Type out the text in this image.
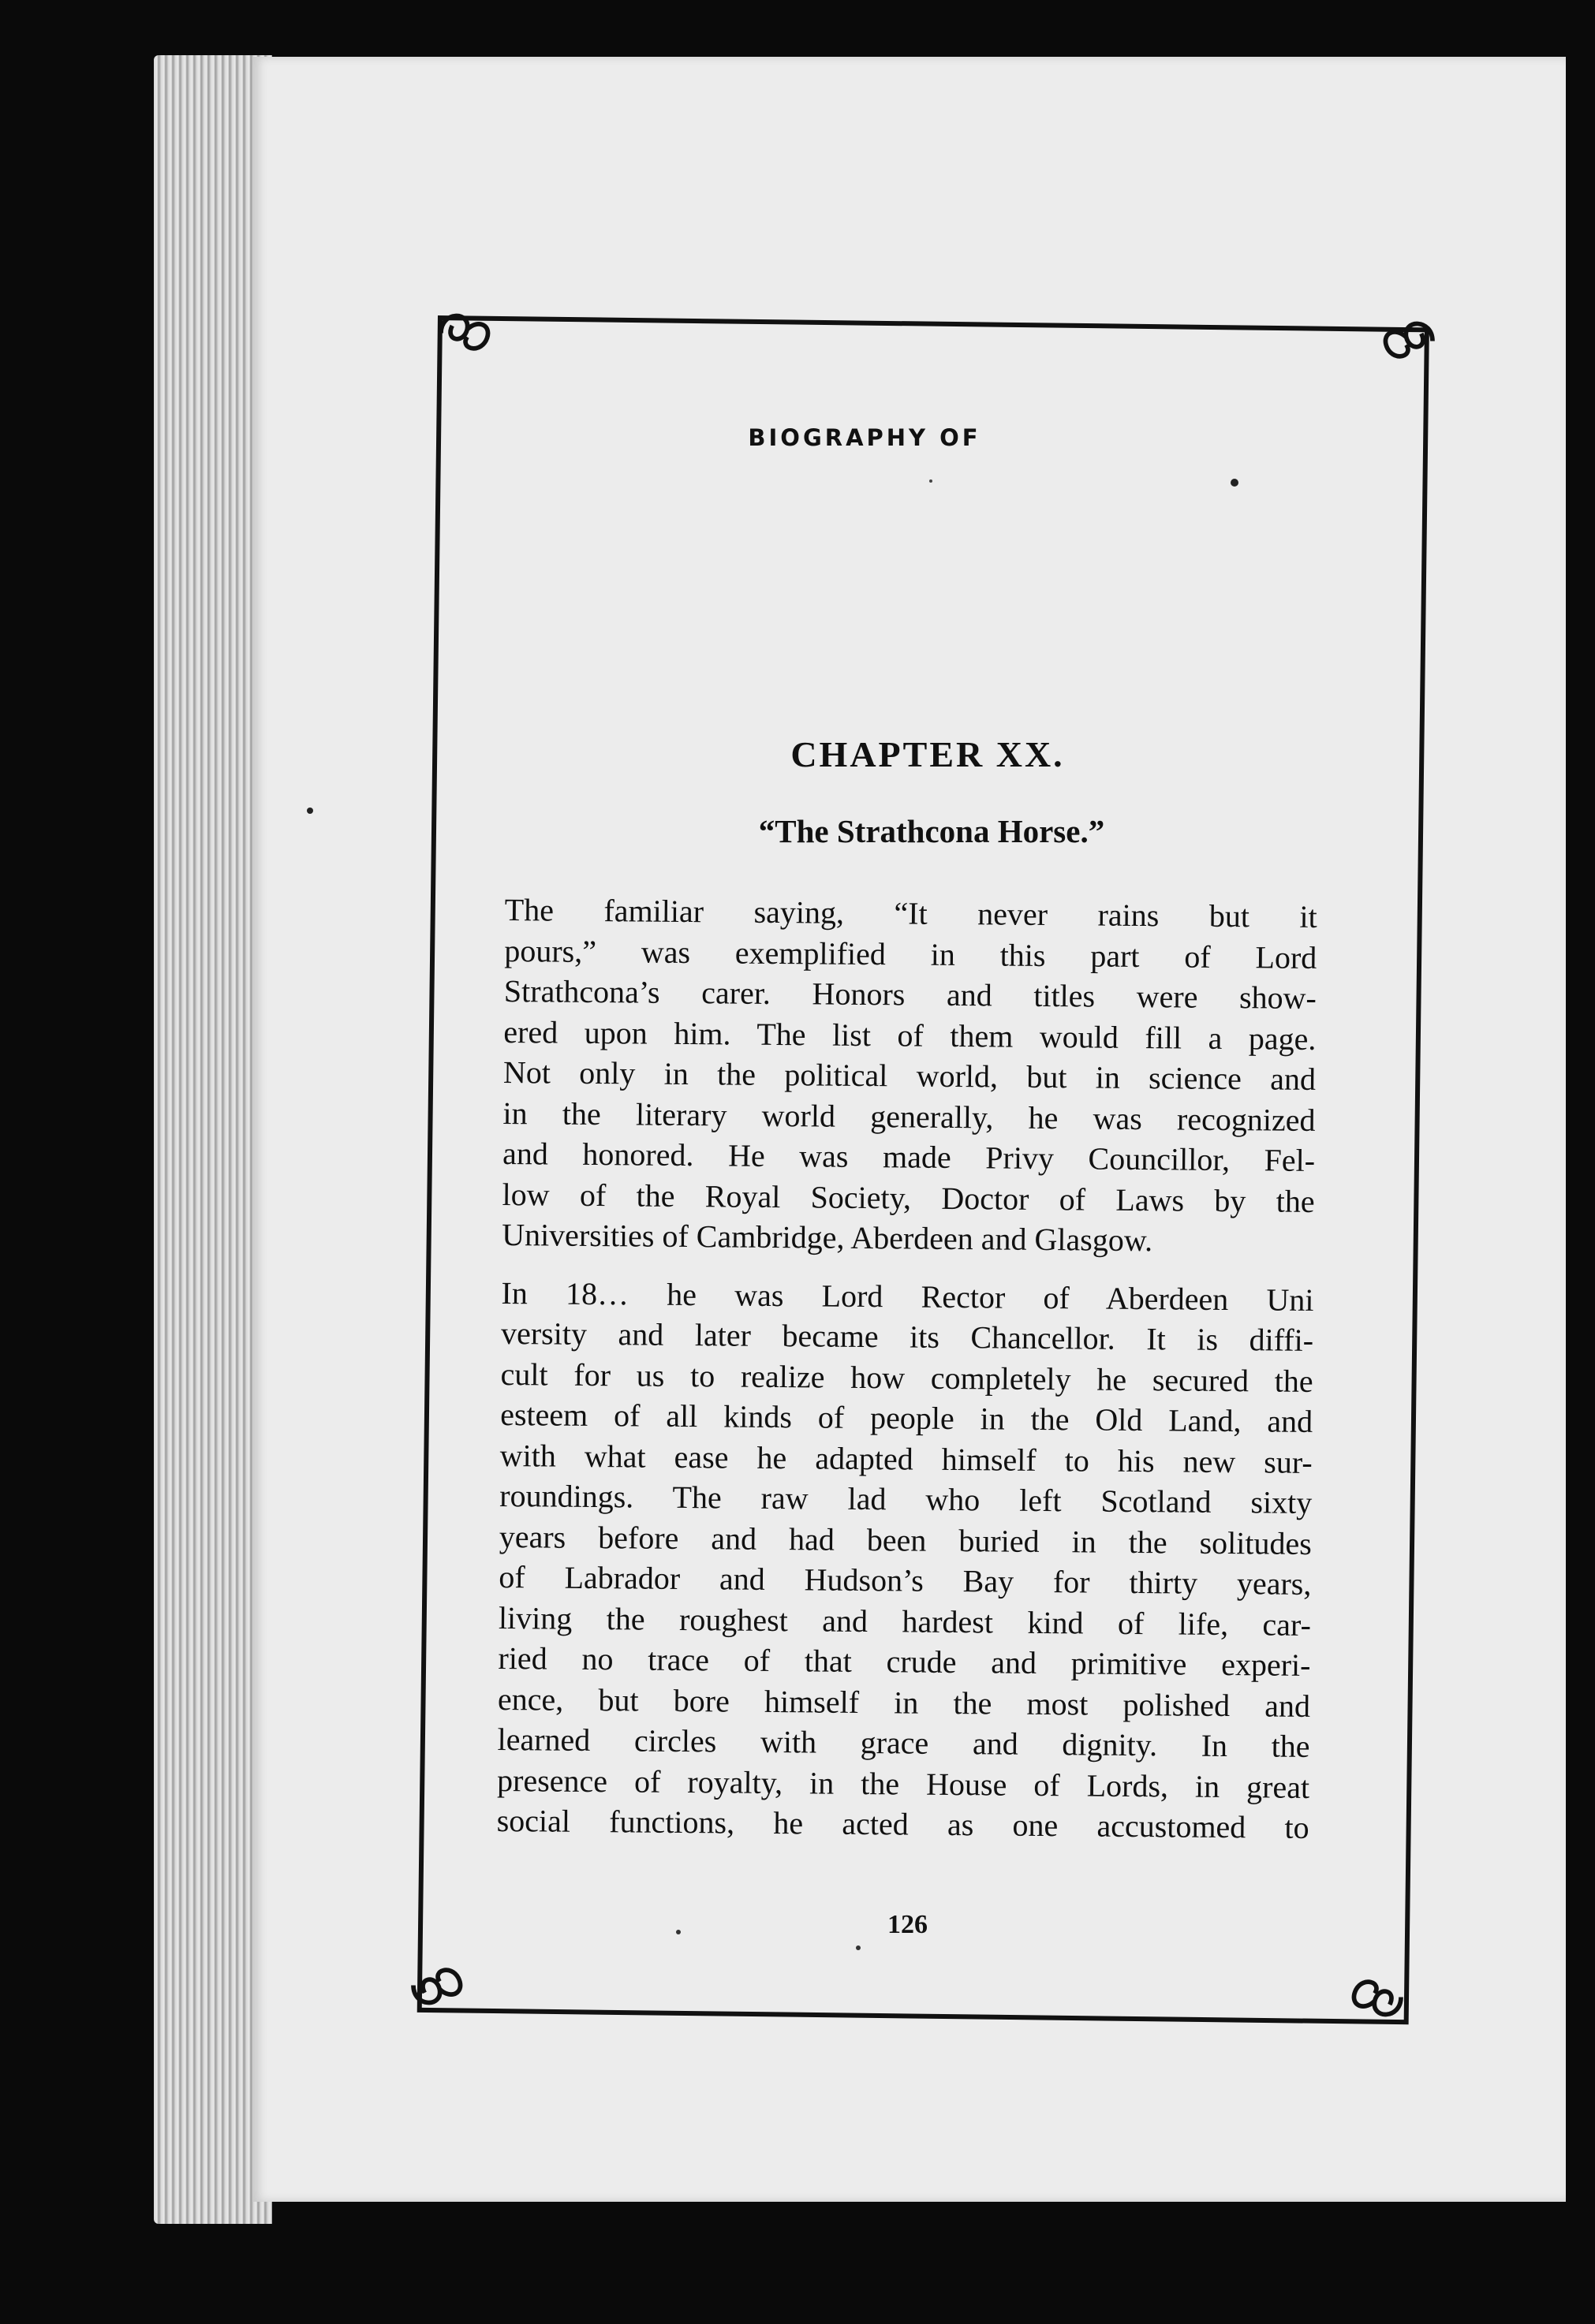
BIOGRAPHY OF
CHAPTER XX.
“The Strathcona Horse.”
The familiar saying, “It never rains but it
pours,” was exemplified in this part of Lord
Strathcona’s carer. Honors and titles were show-
ered upon him. The list of them would fill a page.
Not only in the political world, but in science and
in the literary world generally, he was recognized
and honored. He was made Privy Councillor, Fel-
low of the Royal Society, Doctor of Laws by the
Universities of Cambridge, Aberdeen and Glasgow.
In 18… he was Lord Rector of Aberdeen Uni
versity and later became its Chancellor. It is diffi-
cult for us to realize how completely he secured the
esteem of all kinds of people in the Old Land, and
with what ease he adapted himself to his new sur-
roundings. The raw lad who left Scotland sixty
years before and had been buried in the solitudes
of Labrador and Hudson’s Bay for thirty years,
living the roughest and hardest kind of life, car-
ried no trace of that crude and primitive experi-
ence, but bore himself in the most polished and
learned circles with grace and dignity. In the
presence of royalty, in the House of Lords, in great
social functions, he acted as one accustomed to
126
